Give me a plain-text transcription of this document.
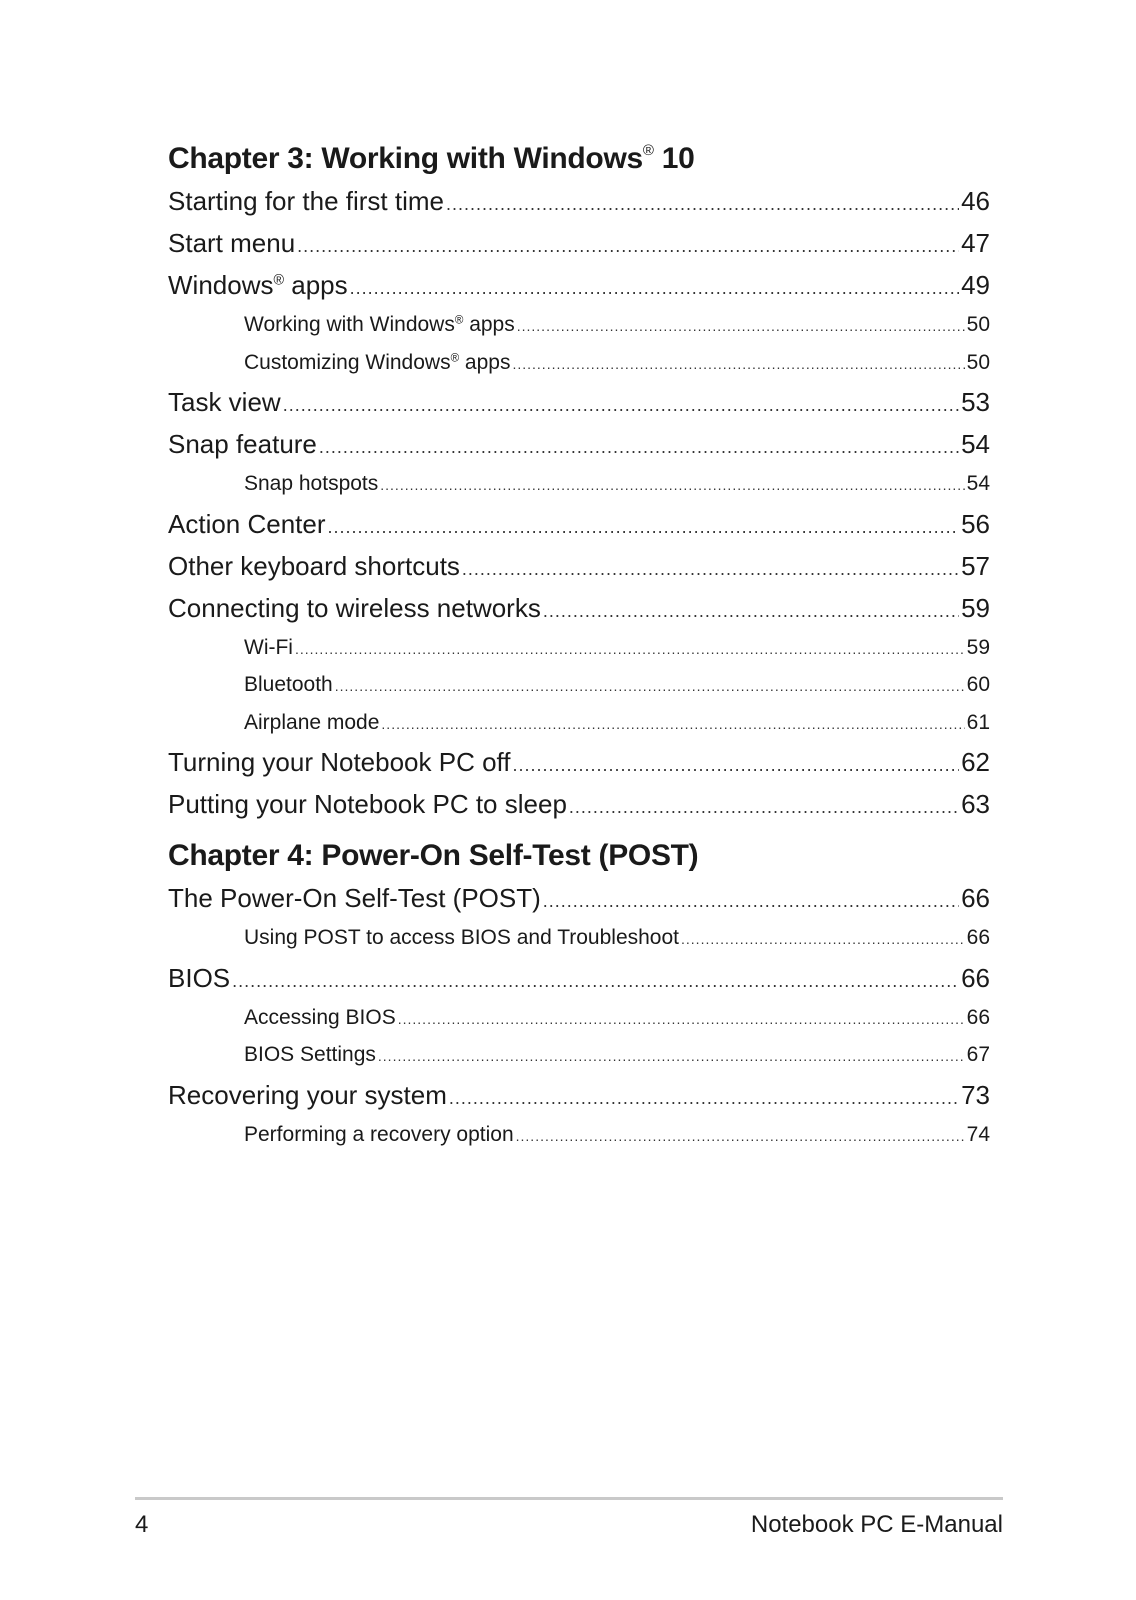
Chapter 3: Working with Windows® 10
Starting for the first time .....	46
Start menu .....	47
Windows® apps .....	49
Working with Windows® apps .....	50
Customizing Windows® apps .....	50
Task view .....	53
Snap feature .....	54
Snap hotspots .....	54
Action Center .....	56
Other keyboard shortcuts .....	57
Connecting to wireless networks .....	59
Wi-Fi .....	59
Bluetooth .....	60
Airplane mode .....	61
Turning your Notebook PC off .....	62
Putting your Notebook PC to sleep .....	63
Chapter 4: Power-On Self-Test (POST)
The Power-On Self-Test (POST) .....	66
Using POST to access BIOS and Troubleshoot .....	66
BIOS .....	66
Accessing BIOS .....	66
BIOS Settings .....	67
Recovering your system .....	73
Performing a recovery option .....	74
4	Notebook PC E-Manual
